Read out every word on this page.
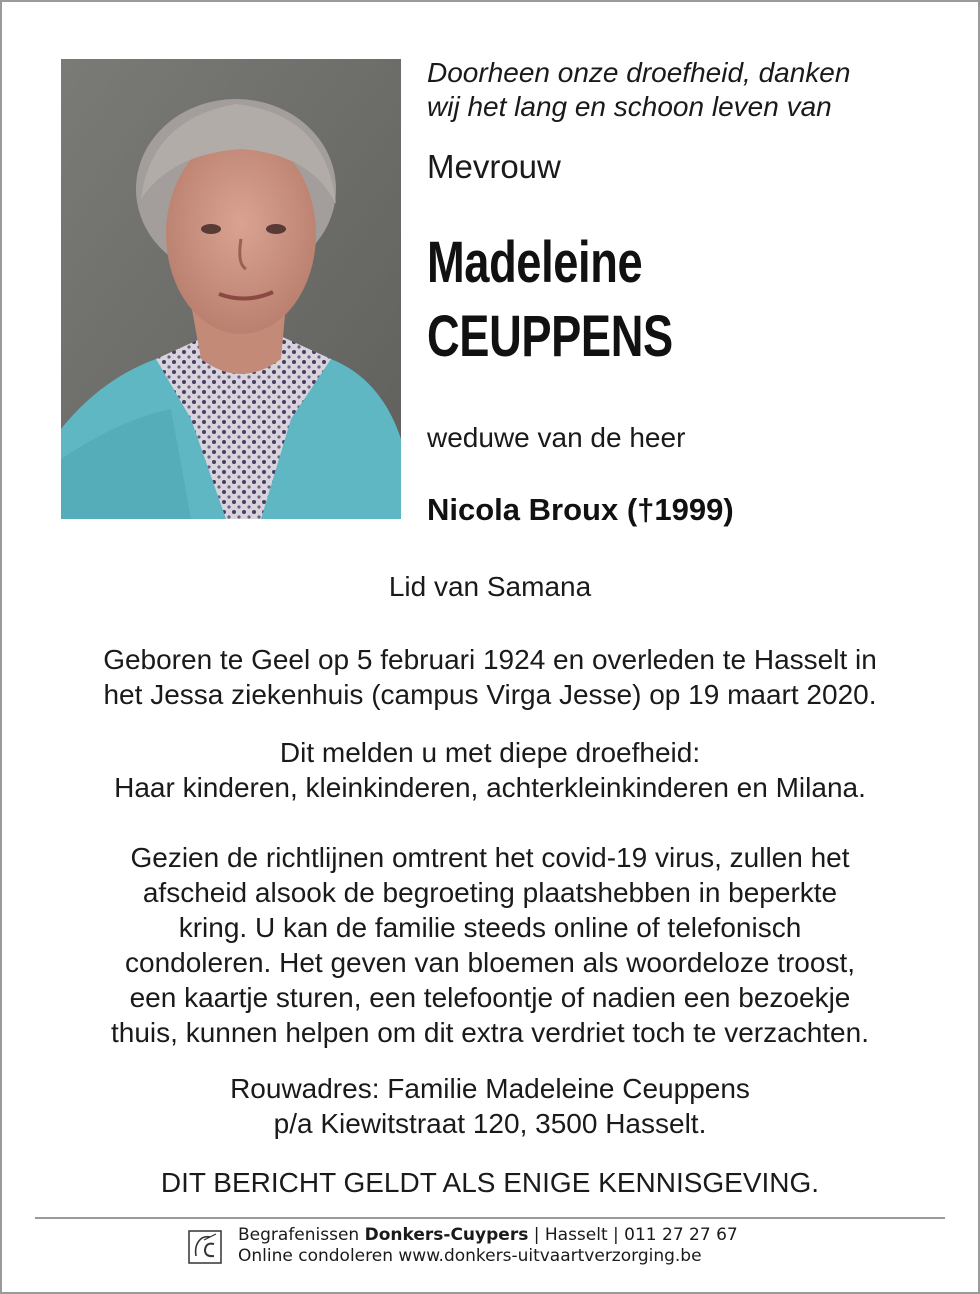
Doorheen onze droefheid, danken
wij het lang en schoon leven van

Mevrouw

Madeleine
CEUPPENS

weduwe van de heer

Nicola Broux (†1999)

Lid van Samana

Geboren te Geel op 5 februari 1924 en overleden te Hasselt in
het Jessa ziekenhuis (campus Virga Jesse) op 19 maart 2020.

Dit melden u met diepe droefheid:
Haar kinderen, kleinkinderen, achterkleinkinderen en Milana.

Gezien de richtlijnen omtrent het covid-19 virus, zullen het
afscheid alsook de begroeting plaatshebben in beperkte
kring. U kan de familie steeds online of telefonisch
condoleren. Het geven van bloemen als woordeloze troost,
een kaartje sturen, een telefoontje of nadien een bezoekje
thuis, kunnen helpen om dit extra verdriet toch te verzachten.

Rouwadres: Familie Madeleine Ceuppens
p/a Kiewitstraat 120, 3500 Hasselt.

DIT BERICHT GELDT ALS ENIGE KENNISGEVING.

Begrafenissen Donkers-Cuypers | Hasselt | 011 27 27 67

Online condoleren www.donkers-uitvaartverzorging.be
